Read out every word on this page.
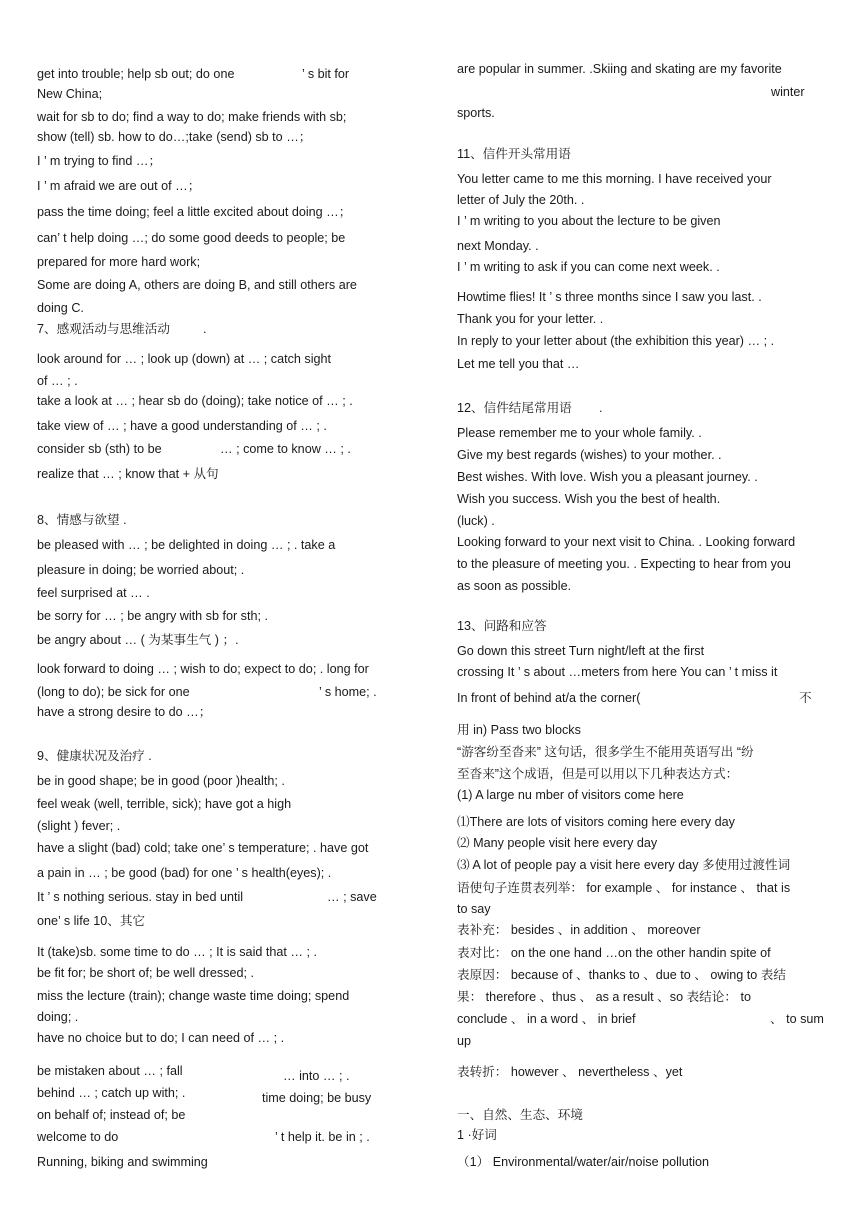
get into trouble; help sb out; do one	’ s bit for
New China;
wait for sb to do; find a way to do; make friends with sb;
show (tell) sb. how to do…;take (send) sb to …；
I ’ m trying to find …；
I ’ m afraid we are out of …；
pass the time doing; feel a little excited about doing …；
can’ t help doing …; do some good deeds to people; be
prepared for more hard work;
Some are doing A, others are doing B, and still others are
doing C.
7、感观活动与思维活动	.
look around for … ; look up (down) at … ; catch sight
of … ; .
take a look at … ; hear sb do (doing); take notice of … ; .
take view of … ; have a good understanding of … ; .
consider sb (sth) to be	… ; come to know … ; .
realize that … ; know that + 从句
8、情感与欲望 .
be pleased with … ; be delighted in doing … ; . take a
pleasure in doing; be worried about; .
feel surprised at … .
be sorry for … ; be angry with sb for sth; .
be angry about … ( 为某事生气 ) ；.
look forward to doing … ; wish to do; expect to do; . long for
(long to do); be sick for one	’ s home; .
have a strong desire to do …；
9、健康状况及治疗 .
be in good shape; be in good (poor )health; .
feel weak (well, terrible, sick); have got a high
(slight ) fever; .
have a slight (bad) cold; take one’ s temperature; . have got
a pain in … ; be good (bad) for one ’ s health(eyes); .
It ’ s nothing serious. stay in bed until	… ; save
one’ s life 10、其它
It (take)sb. some time to do … ; It is said that … ; .
be fit for; be short of; be well dressed; .
miss the lecture (train); change waste time doing; spend
doing; .
have no choice but to do; I can need of … ; .
be mistaken about … ; fall	… into … ; .
behind … ; catch up with; .	time doing; be busy
on behalf of; instead of; be
welcome to do	’ t help it. be in ; .
Running, biking and swimming
are popular in summer. .Skiing and skating are my favorite
winter
sports.
11、信件开头常用语
You letter came to me this morning. I have received your
letter of July the 20th. .
I ’ m writing to you about the lecture to be given
next Monday. .
I ’ m writing to ask if you can come next week. .
Howtime flies! It ’ s three months since I saw you last. .
Thank you for your letter. .
In reply to your letter about (the exhibition this year) … ; .
Let me tell you that …
12、信件结尾常用语 .
Please remember me to your whole family. .
Give my best regards (wishes) to your mother. .
Best wishes. With love. Wish you a pleasant journey. .
Wish you success. Wish you the best of health.
(luck) .
Looking forward to your next visit to China. . Looking forward
to the pleasure of meeting you. . Expecting to hear from you
as soon as possible.
13、问路和应答
Go down this street Turn night/left at the first
crossing It ’ s about …meters from here You can ’ t miss it
In front of behind at/a the corner(	不
用 in) Pass two blocks
“游客纷至沓来” 这句话，很多学生不能用英语写出 “纷
至沓来”这个成语，但是可以用以下几种表达方式：
(1) A large nu mber of visitors come here
⑴There are lots of visitors coming here every day
⑵ Many people visit here every day
⑶ A lot of people pay a visit here every day 多使用过渡性词
语使句子连贯表列举： for example 、 for instance 、 that is
to say
表补充： besides 、in addition 、 moreover
表对比： on the one hand …on the other handin spite of
表原因： because of 、thanks to 、due to 、 owing to 表结
果： therefore 、thus 、 as a result 、so 表结论： to
conclude 、 in a word 、 in brief	、 to sum
up
表转折： however 、 nevertheless 、yet
一、自然、生态、环境
1 ·好词
（1） Environmental/water/air/noise pollution
